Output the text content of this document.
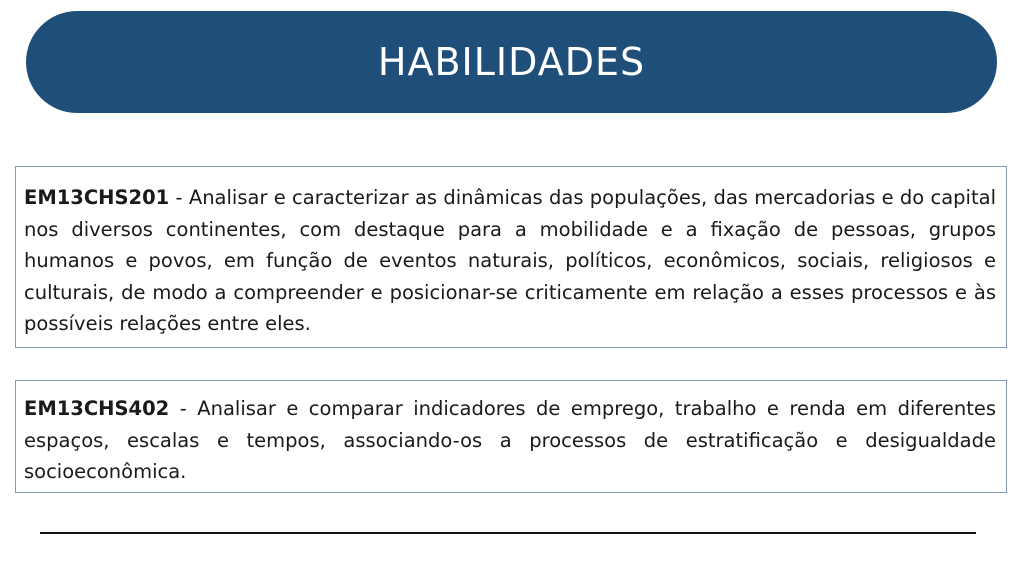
HABILIDADES

EM13CHS201 - Analisar e caracterizar as dinâmicas das populações, das mercadorias e do capital nos diversos continentes, com destaque para a mobilidade e a fixação de pessoas, grupos humanos e povos, em função de eventos naturais, políticos, econômicos, sociais, religiosos e culturais, de modo a compreender e posicionar-se criticamente em relação a esses processos e às possíveis relações entre eles.

EM13CHS402 - Analisar e comparar indicadores de emprego, trabalho e renda em diferentes espaços, escalas e tempos, associando-os a processos de estratificação e desigualdade socioeconômica.
